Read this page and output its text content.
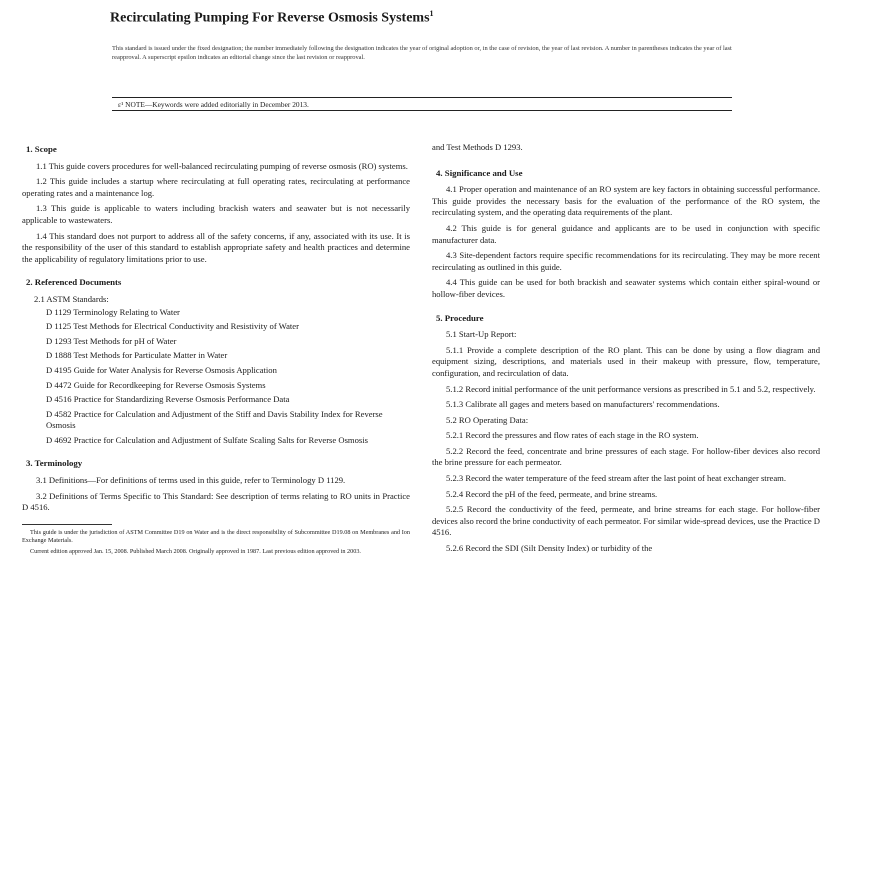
Recirculating Pumping For Reverse Osmosis Systems$^1$
This standard is issued under the fixed designation; the number immediately following the designation indicates the year of original adoption or, in the case of revision, the year of last revision. A number in parentheses indicates the year of last reapproval. A superscript epsilon indicates an editorial change since the last revision or reapproval.
ε¹ NOTE—Keywords were added editorially in December 2013.
1. Scope

1.1 This guide covers procedures for well-balanced recirculating pumping of reverse osmosis (RO) systems.

1.2 This guide includes a startup where recirculating at full operating rates, recirculating at performance operating rates and a maintenance log.

1.3 This guide is applicable to waters including brackish waters and seawater but is not necessarily applicable to wastewaters.

1.4 This standard does not purport to address all of the safety concerns, if any, associated with its use. It is the responsibility of the user of this standard to establish appropriate safety and health practices and determine the applicability of regulatory limitations prior to use.

2. Referenced Documents

2.1 ASTM Standards:

D 1129 Terminology Relating to Water

D 1125 Test Methods for Electrical Conductivity and Resistivity of Water

D 1293 Test Methods for pH of Water

D 1888 Test Methods for Particulate Matter in Water

D 4195 Guide for Water Analysis for Reverse Osmosis Application

D 4472 Guide for Recordkeeping for Reverse Osmosis Systems

D 4516 Practice for Standardizing Reverse Osmosis Performance Data

D 4582 Practice for Calculation and Adjustment of the Stiff and Davis Stability Index for Reverse Osmosis

D 4692 Practice for Calculation and Adjustment of Sulfate Scaling Salts for Reverse Osmosis

3. Terminology

3.1 Definitions—For definitions of terms used in this guide, refer to Terminology D 1129.

3.2 Definitions of Terms Specific to This Standard: See description of terms relating to RO units in Practice D 4516.

This guide is under the jurisdiction of ASTM Committee D19 on Water and is the direct responsibility of Subcommittee D19.08 on Membranes and Ion Exchange Materials.

Current edition approved Jan. 15, 2008. Published March 2008. Originally approved in 1987. Last previous edition approved in 2003.

and Test Methods D 1293.

4. Significance and Use

4.1 Proper operation and maintenance of an RO system are key factors in obtaining successful performance. This guide provides the necessary basis for the evaluation of the performance of the RO system, the recirculating system, and the operating data requirements of the plant.

4.2 This guide is for general guidance and applicants are to be used in conjunction with specific manufacturer data.

4.3 Site-dependent factors require specific recommendations for its recirculating. They may be more recent recirculating as outlined in this guide.

4.4 This guide can be used for both brackish and seawater systems which contain either spiral-wound or hollow-fiber devices.

5. Procedure

5.1 Start-Up Report:

5.1.1 Provide a complete description of the RO plant. This can be done by using a flow diagram and equipment sizing, descriptions, and materials used in their makeup with pressure, flow, temperature, configuration, and recirculation of data.

5.1.2 Record initial performance of the unit performance versions as prescribed in 5.1 and 5.2, respectively.

5.1.3 Calibrate all gages and meters based on manufacturers' recommendations.

5.2 RO Operating Data:

5.2.1 Record the pressures and flow rates of each stage in the RO system.

5.2.2 Record the feed, concentrate and brine pressures of each stage. For hollow-fiber devices also record the brine pressure for each permeator.

5.2.3 Record the water temperature of the feed stream after the last point of heat exchanger stream.

5.2.4 Record the pH of the feed, permeate, and brine streams.

5.2.5 Record the conductivity of the feed, permeate, and brine streams for each stage. For hollow-fiber devices also record the brine conductivity of each permeator. For similar wide-spread devices, use the Practice D 4516.

5.2.6 Record the SDI (Silt Density Index) or turbidity of the
